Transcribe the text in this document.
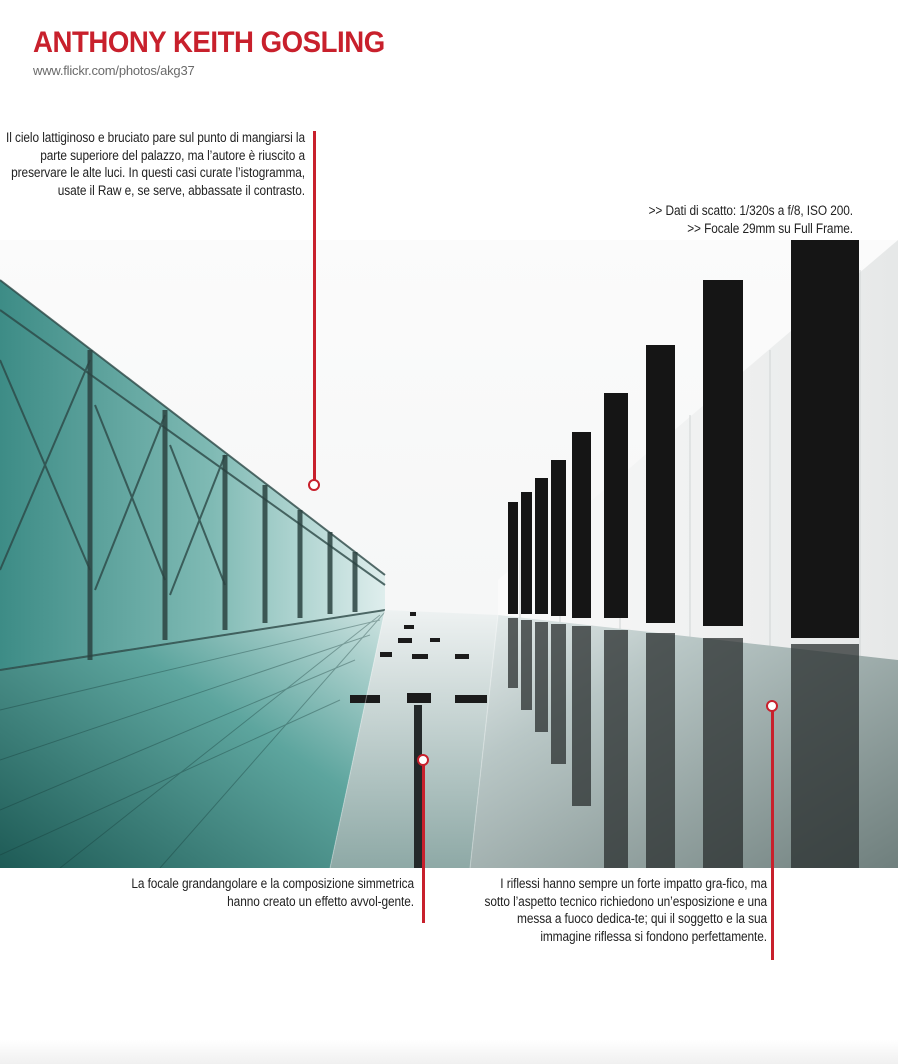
ANTHONY KEITH GOSLING
www.flickr.com/photos/akg37
Il cielo lattiginoso e bruciato pare sul punto di mangiarsi la parte superiore del palazzo, ma l’autore è riuscito a preservare le alte luci. In questi casi curate l’istogramma, usate il Raw e, se serve, abbassate il contrasto.
>> Dati di scatto: 1/320s a f/8, ISO 200.
>> Focale 29mm su Full Frame.
La focale grandangolare e la composizione simmetrica hanno creato un effetto avvol-gente.
I riflessi hanno sempre un forte impatto gra-fico, ma sotto l’aspetto tecnico richiedono un’esposizione e una messa a fuoco dedica-te; qui il soggetto e la sua immagine riflessa si fondono perfettamente.
